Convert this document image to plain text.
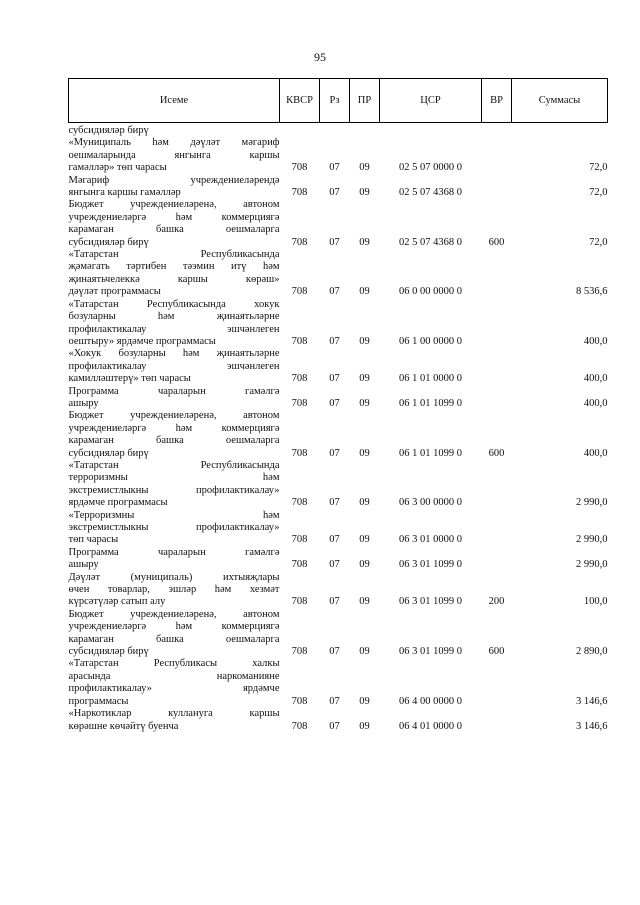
95
Исеме	КВСР	Рз	ПР	ЦСР	ВР	Суммасы

субсидияләр бирү						

«Муниципаль һәм дәүләт мәгариф
оешмаларында янгынга каршы
гамәлләр» төп чарасы	708	07	09	02 5 07 0000 0		72,0

Мәгариф учреждениеләрендә
янгынга каршы гамәлләр	708	07	09	02 5 07 4368 0		72,0

Бюджет учреждениеләренә, автоном
учреждениеләргә һәм коммерциягә
карамаган башка оешмаларга
субсидияләр бирү	708	07	09	02 5 07 4368 0	600	72,0

«Татарстан Республикасында
җәмәгать тәртибен тәэмин итү һәм
җинаятьчелеккә каршы көрәш»
дәүләт программасы	708	07	09	06 0 00 0000 0		8 536,6

«Татарстан Республикасында хокук
бозуларны һәм җинаятьләрне
профилактикалау эшчәнлеген
оештыру» ярдәмче программасы	708	07	09	06 1 00 0000 0		400,0

«Хокук бозуларны һәм җинаятьләрне
профилактикалау эшчәнлеген
камилләштерү» төп чарасы	708	07	09	06 1 01 0000 0		400,0

Программа чараларын гамәлгә
ашыру	708	07	09	06 1 01 1099 0		400,0

Бюджет учреждениеләренә, автоном
учреждениеләргә һәм коммерциягә
карамаган башка оешмаларга
субсидияләр бирү	708	07	09	06 1 01 1099 0	600	400,0

«Татарстан Республикасында
терроризмны һәм
экстремистлыкны профилактикалау»
ярдәмче программасы	708	07	09	06 3 00 0000 0		2 990,0

«Терроризмны һәм
экстремистлыкны профилактикалау»
төп чарасы	708	07	09	06 3 01 0000 0		2 990,0

Программа чараларын гамәлгә
ашыру	708	07	09	06 3 01 1099 0		2 990,0

Дәүләт (муниципаль) ихтыяҗлары
өчен товарлар, эшләр һәм хезмәт
күрсәтүләр сатып алу	708	07	09	06 3 01 1099 0	200	100,0

Бюджет учреждениеләренә, автоном
учреждениеләргә һәм коммерциягә
карамаган башка оешмаларга
субсидияләр бирү	708	07	09	06 3 01 1099 0	600	2 890,0

«Татарстан Республикасы халкы
арасында наркоманияне
профилактикалау» ярдәмче
программасы	708	07	09	06 4 00 0000 0		3 146,6

«Наркотиклар куллануга каршы
көрәшне көчәйтү буенча	708	07	09	06 4 01 0000 0		3 146,6
